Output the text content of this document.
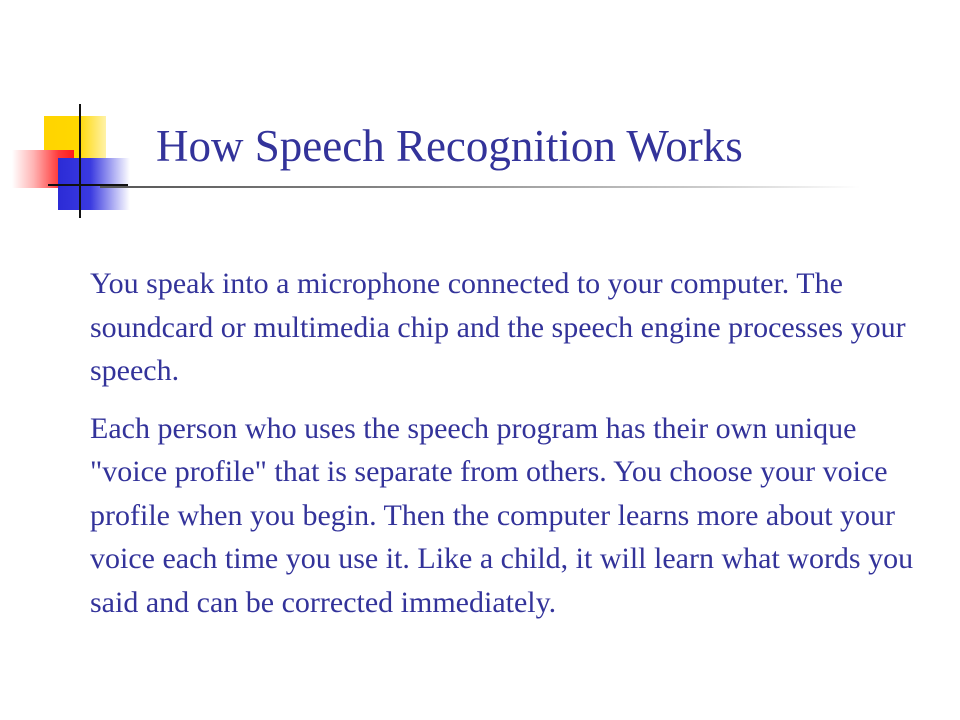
How Speech Recognition Works

You speak into a microphone connected to your computer. The soundcard or multimedia chip and the speech engine processes your speech.

Each person who uses the speech program has their own unique "voice profile" that is separate from others. You choose your voice profile when you begin. Then the computer learns more about your voice each time you use it. Like a child, it will learn what words you said and can be corrected immediately.
